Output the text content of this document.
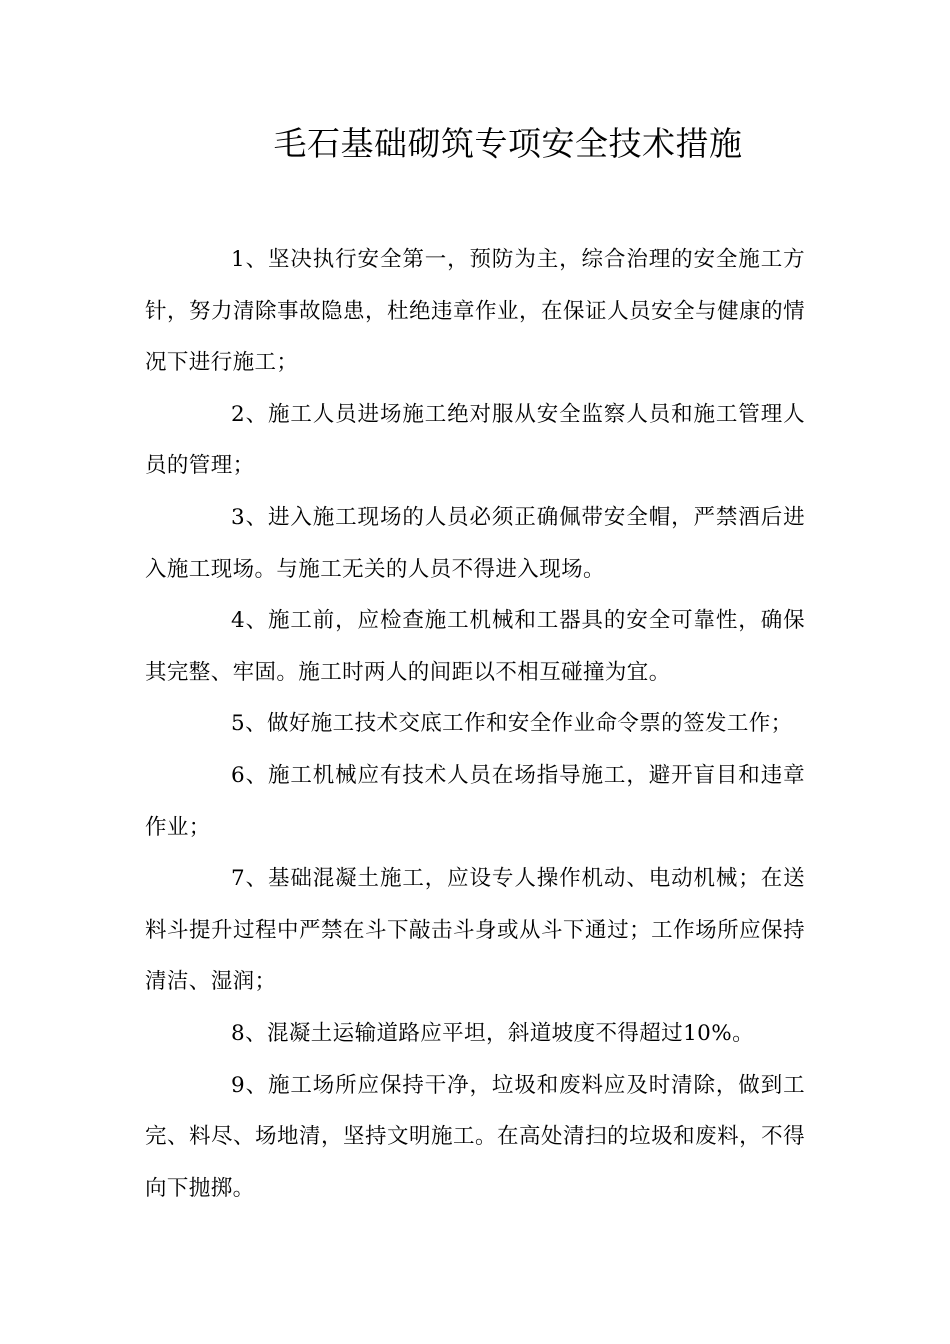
毛石基础砌筑专项安全技术措施

1、坚决执行安全第一，预防为主，综合治理的安全施工方针，努力清除事故隐患，杜绝违章作业，在保证人员安全与健康的情况下进行施工；

2、施工人员进场施工绝对服从安全监察人员和施工管理人员的管理；

3、进入施工现场的人员必须正确佩带安全帽，严禁酒后进入施工现场。与施工无关的人员不得进入现场。

4、施工前，应检查施工机械和工器具的安全可靠性，确保其完整、牢固。施工时两人的间距以不相互碰撞为宜。

5、做好施工技术交底工作和安全作业命令票的签发工作；

6、施工机械应有技术人员在场指导施工，避开盲目和违章作业；

7、基础混凝土施工，应设专人操作机动、电动机械；在送料斗提升过程中严禁在斗下敲击斗身或从斗下通过；工作场所应保持清洁、湿润；

8、混凝土运输道路应平坦，斜道坡度不得超过10%。

9、施工场所应保持干净，垃圾和废料应及时清除，做到工完、料尽、场地清，坚持文明施工。在高处清扫的垃圾和废料，不得向下抛掷。
